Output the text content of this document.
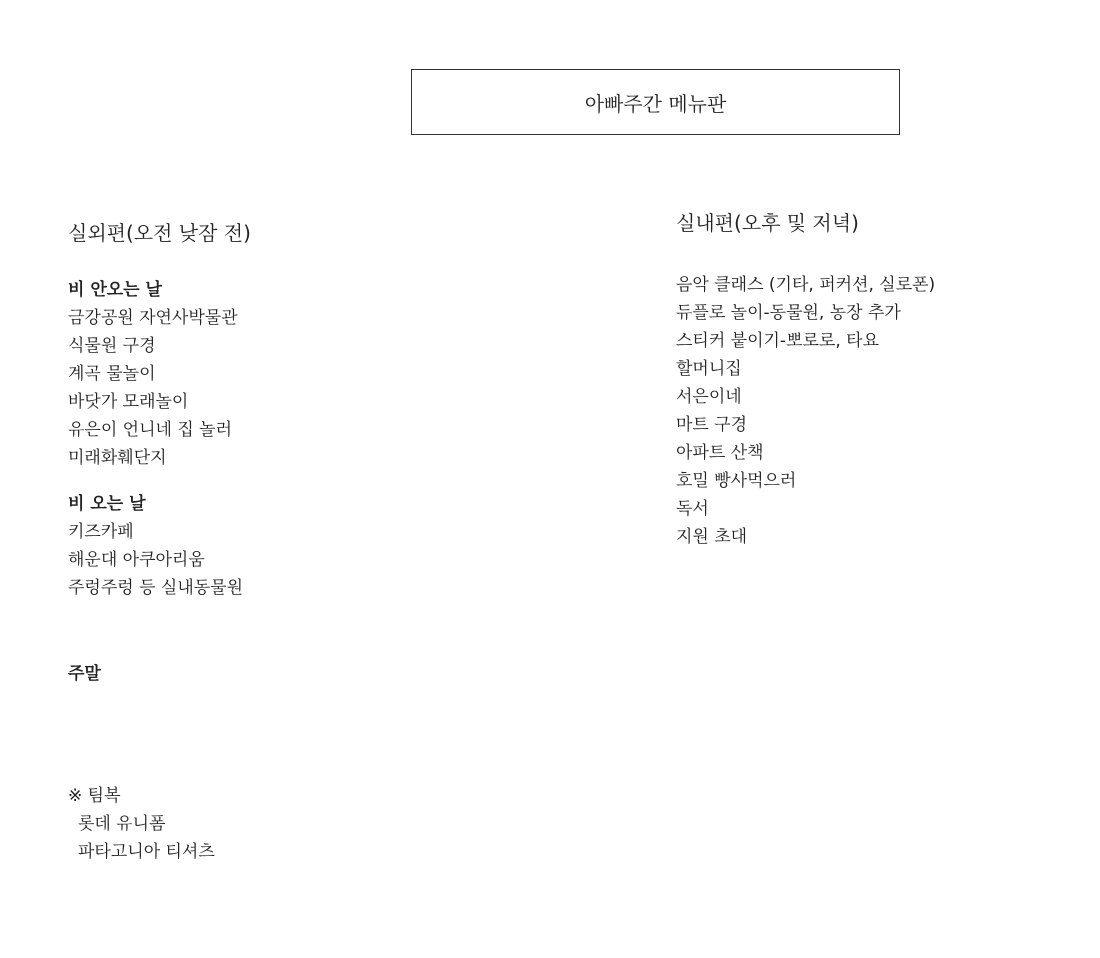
아빠주간 메뉴판
실외편(오전 낮잠 전)
비 안오는 날
금강공원 자연사박물관
식물원 구경
계곡 물놀이
바닷가 모래놀이
유은이 언니네 집 놀러
미래화훼단지
비 오는 날
키즈카페
해운대 아쿠아리움
주렁주렁 등 실내동물원
주말
실내편(오후 및 저녁)
음악 클래스 (기타, 퍼커션, 실로폰)
듀플로 놀이-동물원, 농장 추가
스티커 붙이기-뽀로로, 타요
할머니집
서은이네
마트 구경
아파트 산책
호밀 빵사먹으러
독서
지원 초대
※ 팀복
롯데 유니폼
파타고니아 티셔츠
